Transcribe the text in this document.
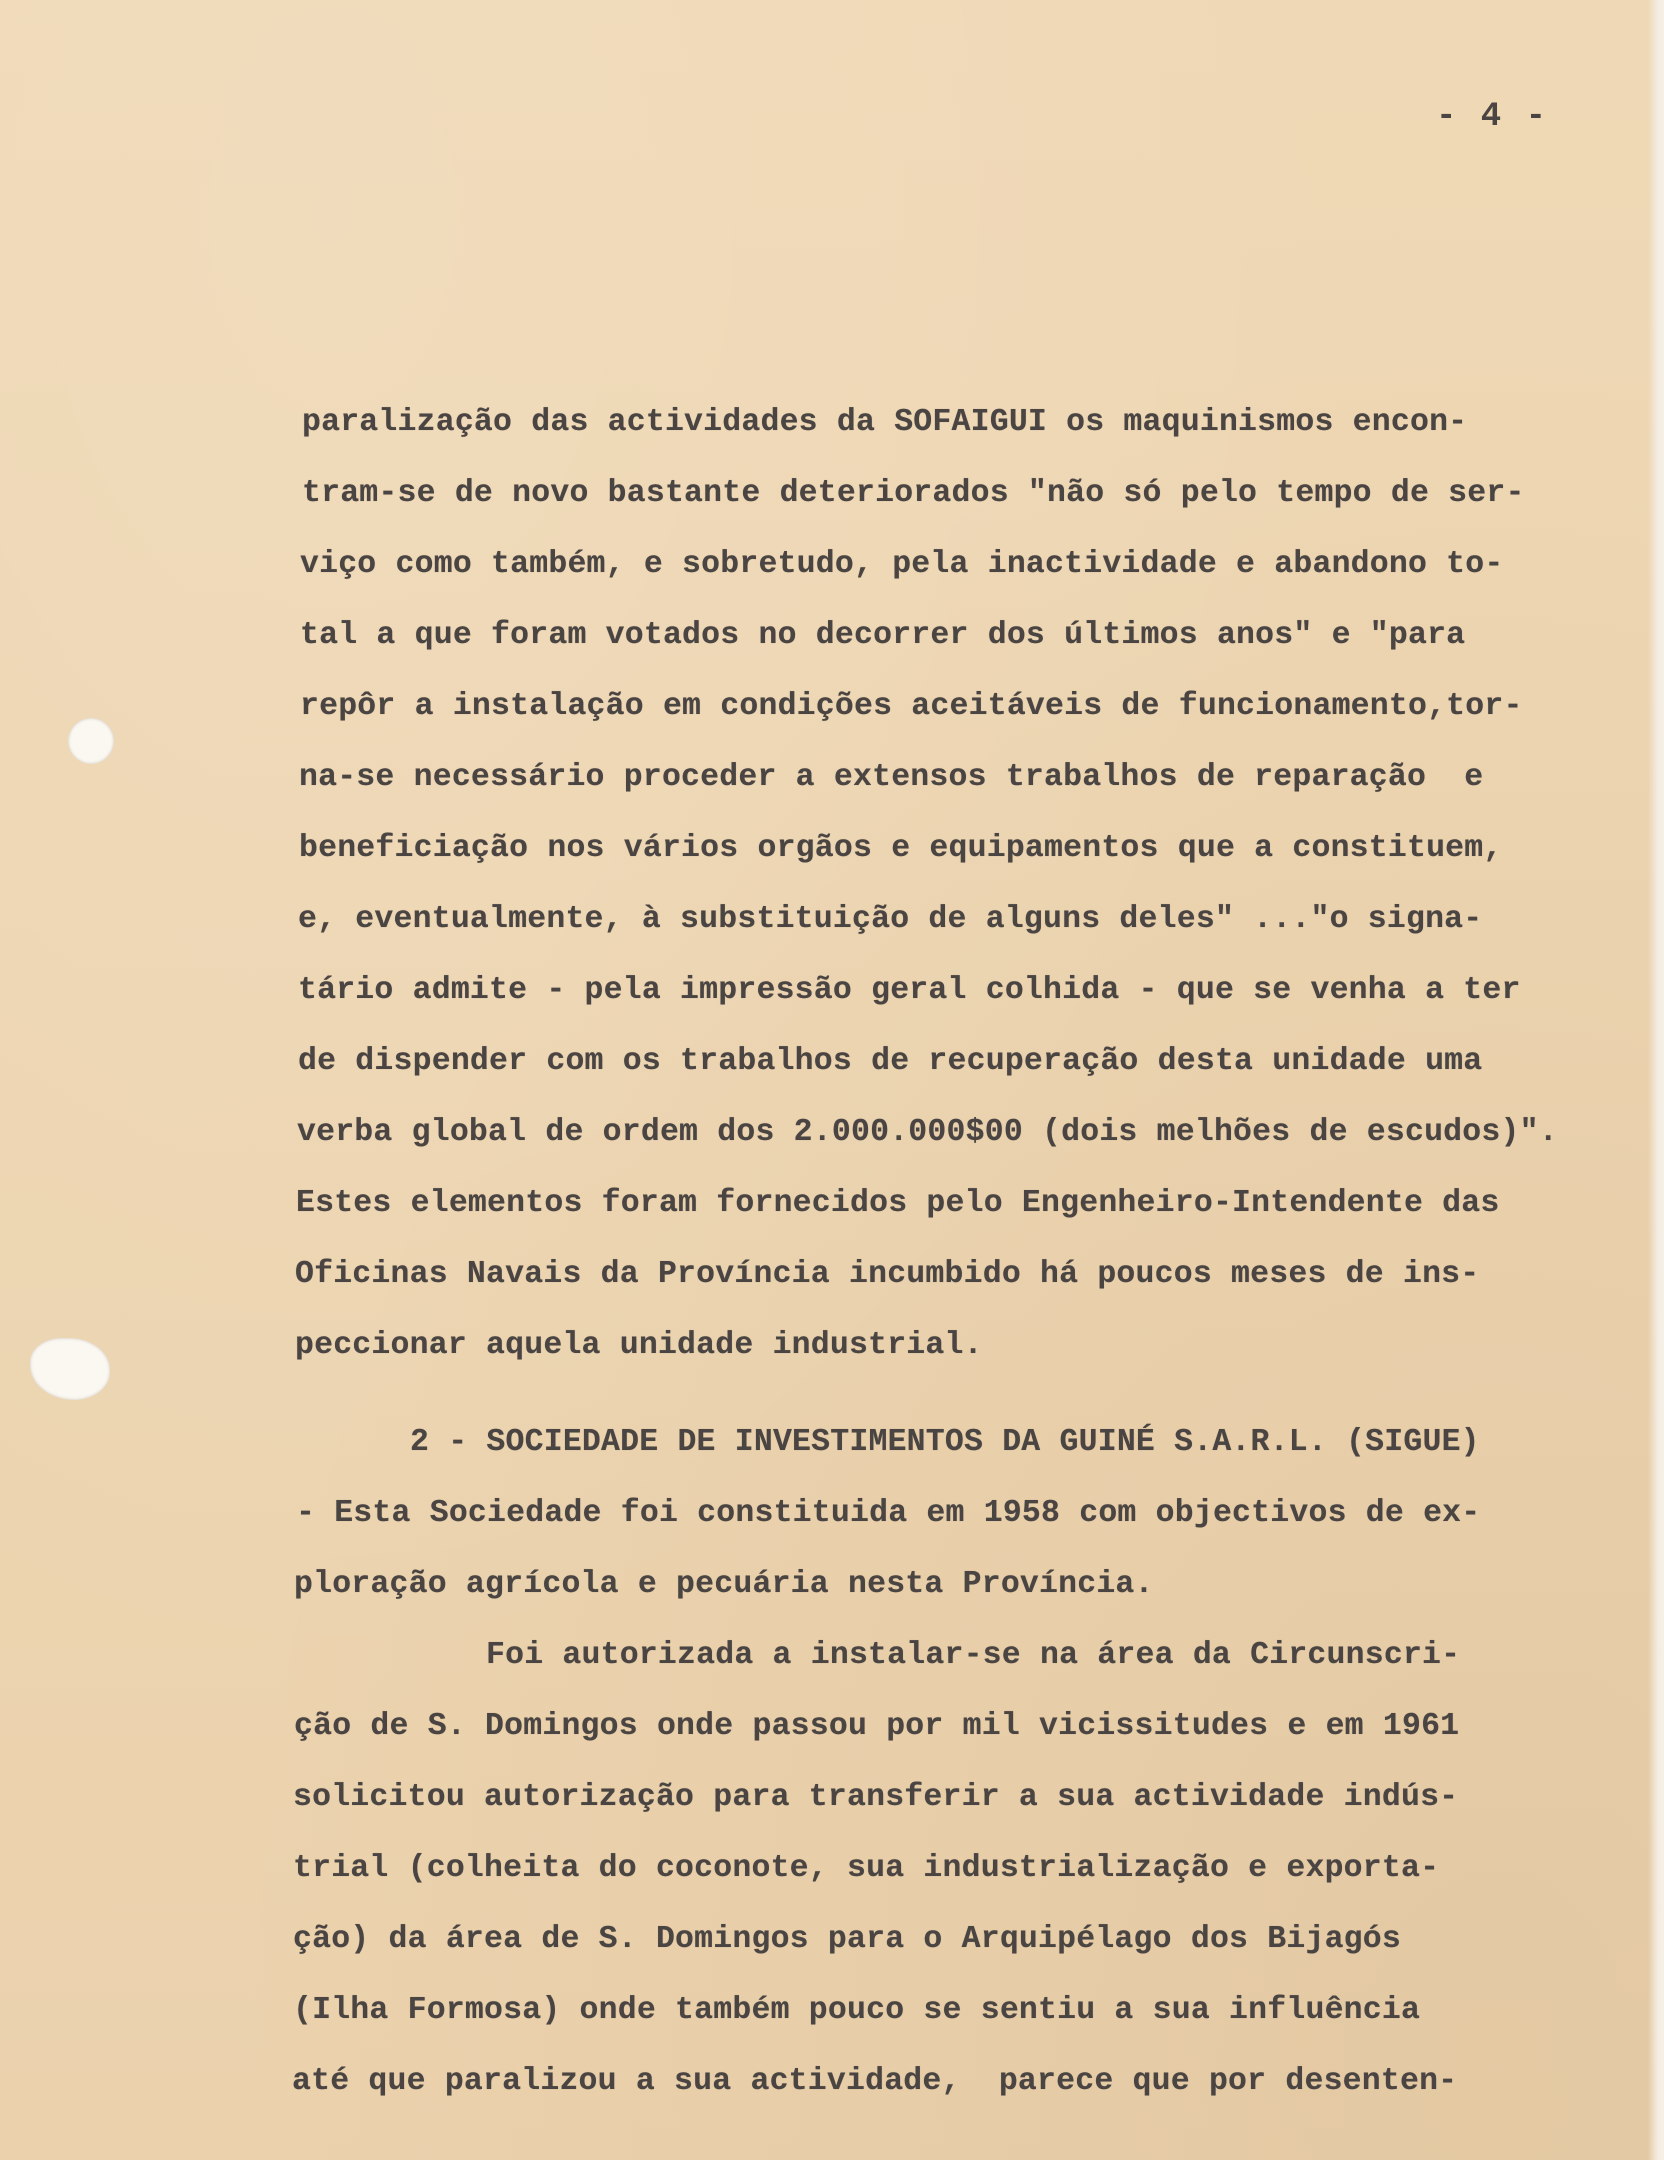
- 4 -
paralização das actividades da SOFAIGUI os maquinismos encon-
tram-se de novo bastante deteriorados "não só pelo tempo de ser-
viço como também, e sobretudo, pela inactividade e abandono to-
tal a que foram votados no decorrer dos últimos anos" e "para
repôr a instalação em condições aceitáveis de funcionamento,tor-
na-se necessário proceder a extensos trabalhos de reparação  e
beneficiação nos vários orgãos e equipamentos que a constituem,
e, eventualmente, à substituição de alguns deles" ..."o signa-
tário admite - pela impressão geral colhida - que se venha a ter
de dispender com os trabalhos de recuperação desta unidade uma
verba global de ordem dos 2.000.000$00 (dois melhões de escudos)".
Estes elementos foram fornecidos pelo Engenheiro-Intendente das
Oficinas Navais da Província incumbido há poucos meses de ins-
peccionar aquela unidade industrial.
2 - SOCIEDADE DE INVESTIMENTOS DA GUINÉ S.A.R.L. (SIGUE)
- Esta Sociedade foi constituida em 1958 com objectivos de ex-
ploração agrícola e pecuária nesta Província.
Foi autorizada a instalar-se na área da Circunscri-
ção de S. Domingos onde passou por mil vicissitudes e em 1961
solicitou autorização para transferir a sua actividade indús-
trial (colheita do coconote, sua industrialização e exporta-
ção) da área de S. Domingos para o Arquipélago dos Bijagós
(Ilha Formosa) onde também pouco se sentiu a sua influência
até que paralizou a sua actividade,  parece que por desenten-
